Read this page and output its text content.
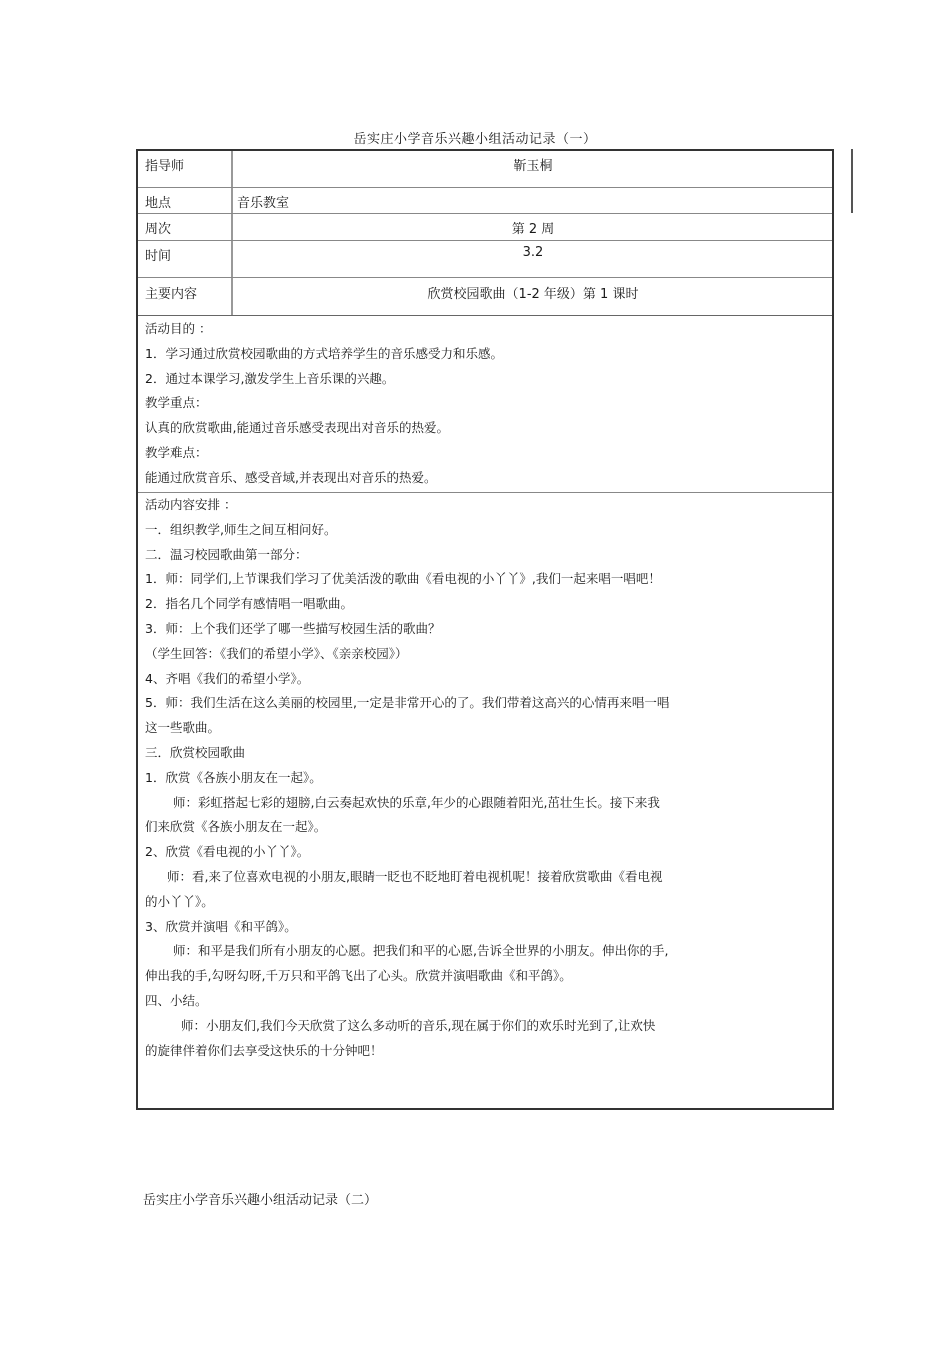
岳实庄小学音乐兴趣小组活动记录（一）
指导师	靳玉桐
地点	音乐教室
周次	第 2 周
时间	3.2
主要内容	欣赏校园歌曲（1-2 年级）第 1 课时
活动目的 ：
1．学习通过欣赏校园歌曲的方式培养学生的音乐感受力和乐感。
2．通过本课学习,激发学生上音乐课的兴趣。
教学重点：
认真的欣赏歌曲,能通过音乐感受表现出对音乐的热爱。
教学难点：
能通过欣赏音乐、感受音域,并表现出对音乐的热爱。
活动内容安排 ：
一．组织教学,师生之间互相问好。
二．温习校园歌曲第一部分：
1．师：同学们,上节课我们学习了优美活泼的歌曲《看电视的小丫丫》,我们一起来唱一唱吧！
2．指名几个同学有感情唱一唱歌曲。
3．师：上个我们还学了哪一些描写校园生活的歌曲？
（学生回答：《我们的希望小学》、《亲亲校园》）
4、齐唱《我们的希望小学》。
5．师：我们生活在这么美丽的校园里,一定是非常开心的了。我们带着这高兴的心情再来唱一唱
这一些歌曲。
三．欣赏校园歌曲
1．欣赏《各族小朋友在一起》。
师：彩虹搭起七彩的翅膀,白云奏起欢快的乐章,年少的心跟随着阳光,茁壮生长。接下来我
们来欣赏《各族小朋友在一起》。
2、欣赏《看电视的小丫丫》。
师：看,来了位喜欢电视的小朋友,眼睛一眨也不眨地盯着电视机呢！接着欣赏歌曲《看电视
的小丫丫》。
3、欣赏并演唱《和平鸽》。
师：和平是我们所有小朋友的心愿。把我们和平的心愿,告诉全世界的小朋友。伸出你的手,
伸出我的手,勾呀勾呀,千万只和平鸽飞出了心头。欣赏并演唱歌曲《和平鸽》。
四、小结。
师：小朋友们,我们今天欣赏了这么多动听的音乐,现在属于你们的欢乐时光到了,让欢快
的旋律伴着你们去享受这快乐的十分钟吧！
岳实庄小学音乐兴趣小组活动记录（二）
